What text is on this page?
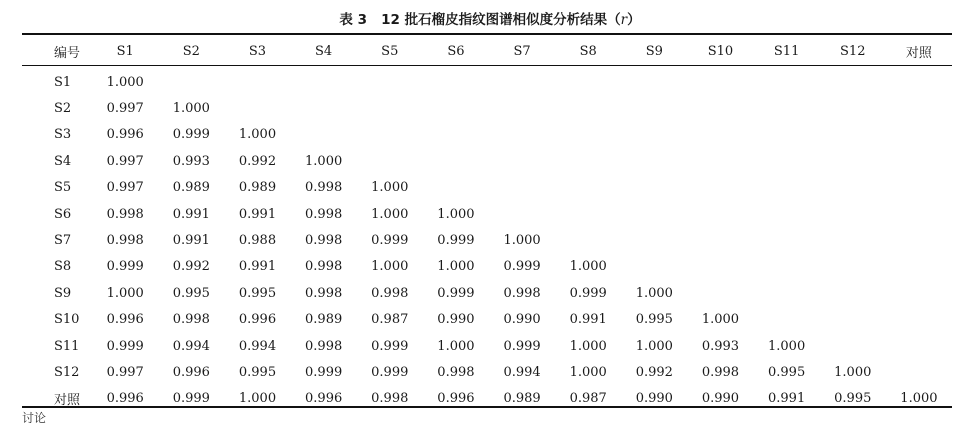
表 3 12 批石榴皮指纹图谱相似度分析结果（r）
编号	S1	S2	S3	S4	S5	S6	S7	S8	S9	S10	S11	S12	对照
S1	1.000												
S2	0.997	1.000											
S3	0.996	0.999	1.000										
S4	0.997	0.993	0.992	1.000									
S5	0.997	0.989	0.989	0.998	1.000								
S6	0.998	0.991	0.991	0.998	1.000	1.000							
S7	0.998	0.991	0.988	0.998	0.999	0.999	1.000						
S8	0.999	0.992	0.991	0.998	1.000	1.000	0.999	1.000					
S9	1.000	0.995	0.995	0.998	0.998	0.999	0.998	0.999	1.000				
S10	0.996	0.998	0.996	0.989	0.987	0.990	0.990	0.991	0.995	1.000			
S11	0.999	0.994	0.994	0.998	0.999	1.000	0.999	1.000	1.000	0.993	1.000		
S12	0.997	0.996	0.995	0.999	0.999	0.998	0.994	1.000	0.992	0.998	0.995	1.000	
对照	0.996	0.999	1.000	0.996	0.998	0.996	0.989	0.987	0.990	0.990	0.991	0.995	1.000
讨论
